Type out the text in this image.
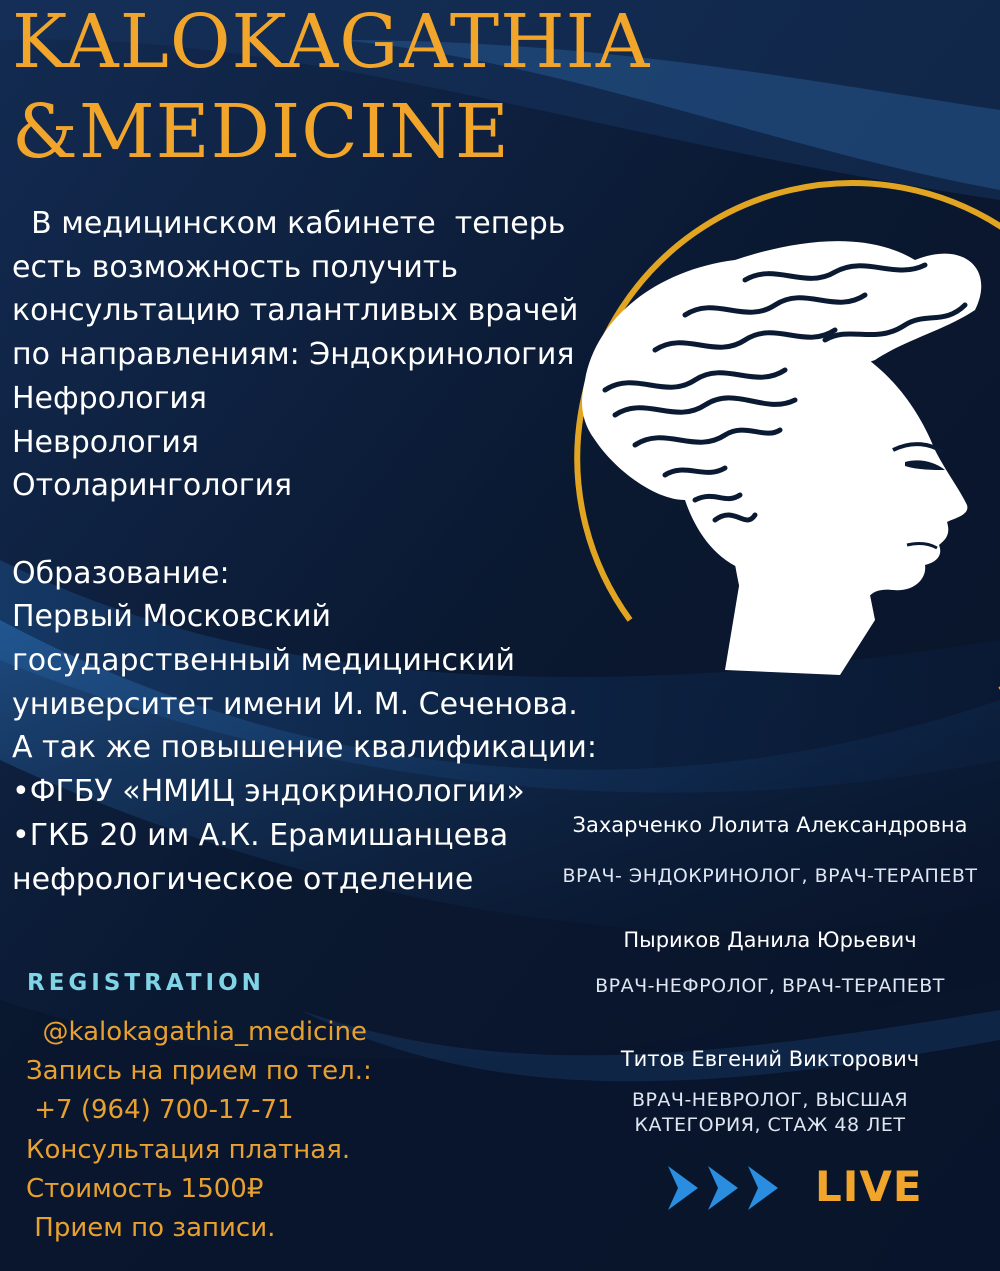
KALOKAGATHIA
&MEDICINE
В медицинском кабинете  теперь
есть возможность получить
консультацию талантливых врачей
по направлениям: Эндокринология
Нефрология
Неврология
Отоларингология
Образование:
Первый Московский
государственный медицинский
университет имени И. М. Сеченова.
А так же повышение квалификации:
•ФГБУ «НМИЦ эндокринологии»
•ГКБ 20 им А.К. Ерамишанцева
нефрологическое отделение
REGISTRATION
@kalokagathia_medicine
Запись на прием по тел.:
+7 (964) 700-17-71
Консультация платная.
Стоимость 1500₽
Прием по записи.
Захарченко Лолита Александровна
ВРАЧ- ЭНДОКРИНОЛОГ, ВРАЧ-ТЕРАПЕВТ
Пыриков Данила Юрьевич
ВРАЧ-НЕФРОЛОГ, ВРАЧ-ТЕРАПЕВТ
Титов Евгений Викторович
ВРАЧ-НЕВРОЛОГ, ВЫСШАЯ
КАТЕГОРИЯ, СТАЖ 48 ЛЕТ
LIVE
